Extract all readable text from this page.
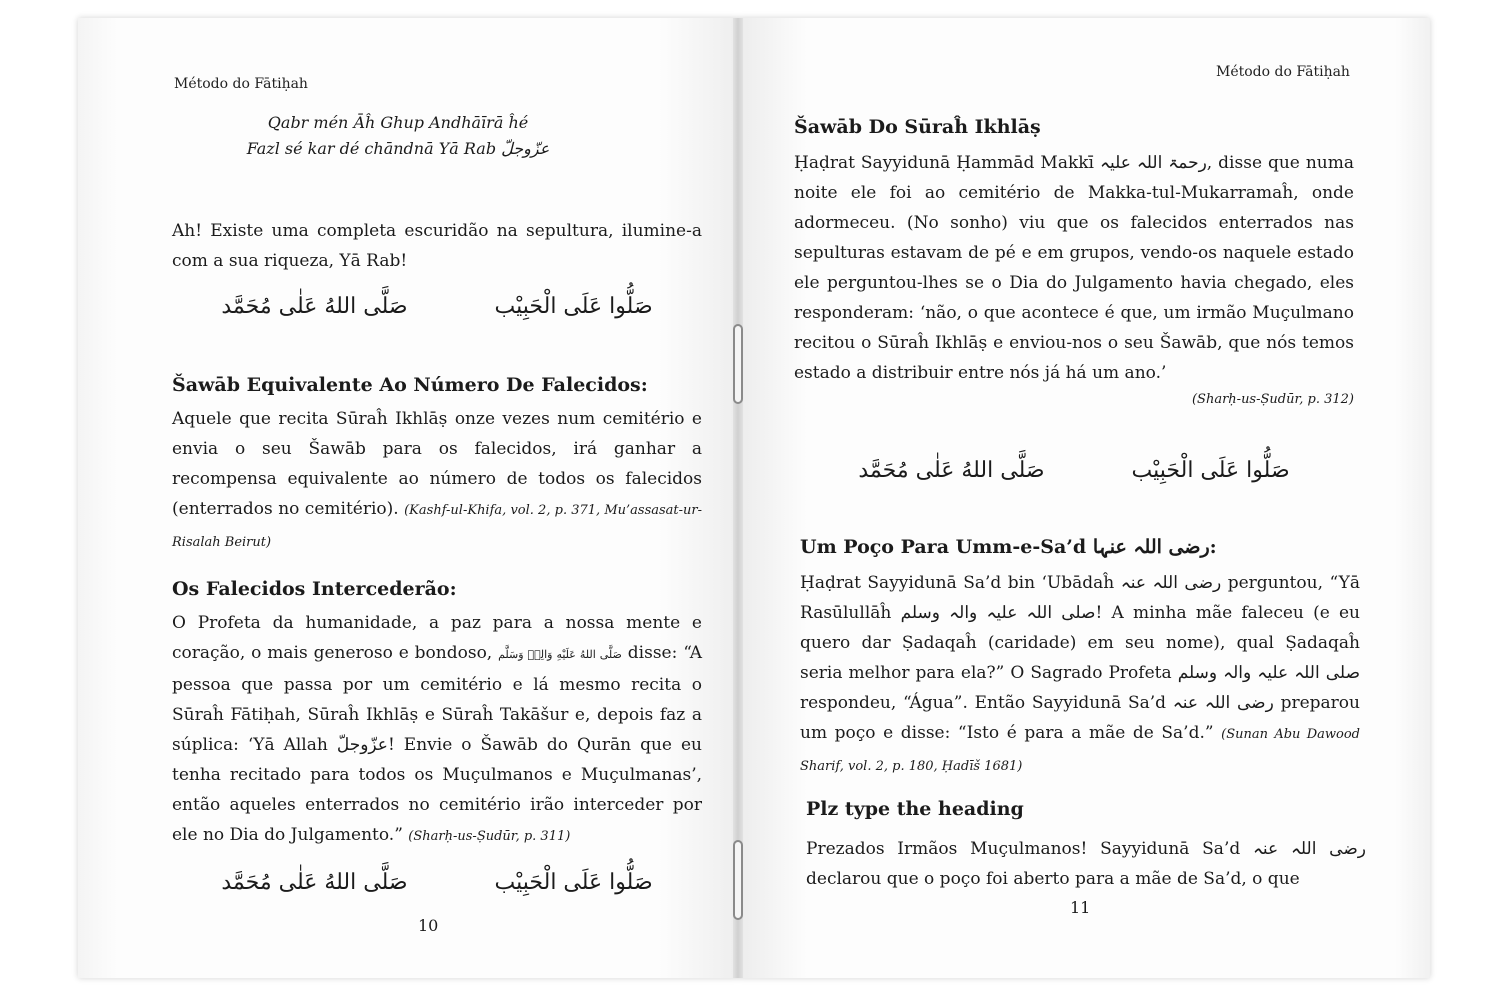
Método do Fātiḥah
Qabr mén Āĥ Ghup Andhāīrā ĥé
Fazl sé kar dé chāndnā Yā Rab عزّوجلّ

Ah! Existe uma completa escuridão na sepultura, ilumine-a com a sua riqueza, Yā Rab!

صَلُّوا عَلَى الْحَبِيْب صَلَّى اللهُ عَلٰى مُحَمَّد
Šawāb Equivalente Ao Número De Falecidos:

Aquele que recita Sūraĥ Ikhlāṣ onze vezes num cemitério e envia o seu Šawāb para os falecidos, irá ganhar a recompensa equivalente ao número de todos os falecidos (enterrados no cemitério). (Kashf-ul-Khifa, vol. 2, p. 371, Mu’assasat-ur-Risalah Beirut)

Os Falecidos Intercederão:

O Profeta da humanidade, a paz para a nossa mente e coração, o mais generoso e bondoso, صَلَّى اللهُ عَلَيْهِ وَالِهٖ وَسَلَّم disse: “A pessoa que passa por um cemitério e lá mesmo recita o Sūraĥ Fātiḥah, Sūraĥ Ikhlāṣ e Sūraĥ Takāšur e, depois faz a súplica: ‘Yā Allah عزّوجلّ! Envie o Šawāb do Qurān que eu tenha recitado para todos os Muçulmanos e Muçulmanas’, então aqueles enterrados no cemitério irão interceder por ele no Dia do Julgamento.” (Sharḥ-us-Ṣudūr, p. 311)

صَلُّوا عَلَى الْحَبِيْب صَلَّى اللهُ عَلٰى مُحَمَّد
10
Método do Fātiḥah
Šawāb Do Sūraĥ Ikhlāṣ

Ḥaḍrat Sayyidunā Ḥammād Makkī رحمۃ اللہ علیہ, disse que numa noite ele foi ao cemitério de Makka-tul-Mukarramaĥ, onde adormeceu. (No sonho) viu que os falecidos enterrados nas sepulturas estavam de pé e em grupos, vendo-os naquele estado ele perguntou-lhes se o Dia do Julgamento havia chegado, eles responderam: ‘não, o que acontece é que, um irmão Muçulmano recitou o Sūraĥ Ikhlāṣ e enviou-nos o seu Šawāb, que nós temos estado a distribuir entre nós já há um ano.’

(Sharḥ-us-Ṣudūr, p. 312)
صَلُّوا عَلَى الْحَبِيْب صَلَّى اللهُ عَلٰى مُحَمَّد
Um Poço Para Umm-e-Sa’d رضی اللہ عنہا:

Ḥaḍrat Sayyidunā Sa’d bin ‘Ubādaĥ رضی اللہ عنہ perguntou, “Yā Rasūlullāĥ صلی اللہ علیہ والہ وسلم! A minha mãe faleceu (e eu quero dar Ṣadaqaĥ (caridade) em seu nome), qual Ṣadaqaĥ seria melhor para ela?” O Sagrado Profeta صلی اللہ علیہ والہ وسلم respondeu, “Água”. Então Sayyidunā Sa’d رضی اللہ عنہ preparou um poço e disse: “Isto é para a mãe de Sa’d.” (Sunan Abu Dawood Sharif, vol. 2, p. 180, Ḥadīš 1681)

Plz type the heading

Prezados Irmãos Muçulmanos! Sayyidunā Sa’d رضی اللہ عنہ declarou que o poço foi aberto para a mãe de Sa’d, o que

11
